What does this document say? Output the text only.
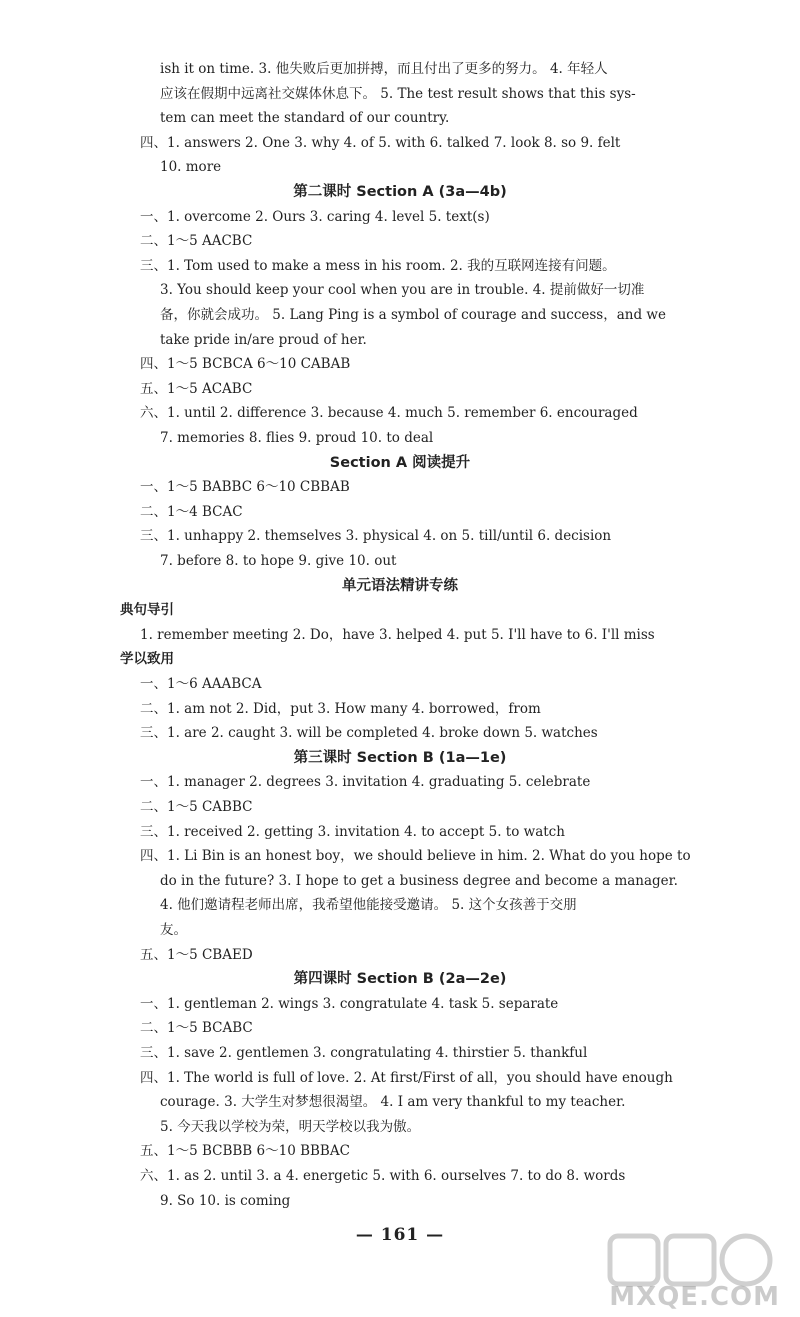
ish it on time. 3. 他失败后更加拼搏，而且付出了更多的努力。 4. 年轻人
应该在假期中远离社交媒体休息下。 5. The test result shows that this sys-
tem can meet the standard of our country.
四、1. answers 2. One 3. why 4. of 5. with 6. talked 7. look 8. so 9. felt
10. more
第二课时 Section A (3a—4b)
一、1. overcome 2. Ours 3. caring 4. level 5. text(s)
二、1～5 AACBC
三、1. Tom used to make a mess in his room. 2. 我的互联网连接有问题。
3. You should keep your cool when you are in trouble. 4. 提前做好一切准
备，你就会成功。 5. Lang Ping is a symbol of courage and success，and we
take pride in/are proud of her.
四、1～5 BCBCA 6～10 CABAB
五、1～5 ACABC
六、1. until 2. difference 3. because 4. much 5. remember 6. encouraged
7. memories 8. flies 9. proud 10. to deal
Section A 阅读提升
一、1～5 BABBC 6～10 CBBAB
二、1～4 BCAC
三、1. unhappy 2. themselves 3. physical 4. on 5. till/until 6. decision
7. before 8. to hope 9. give 10. out
单元语法精讲专练
典句导引
1. remember meeting 2. Do，have 3. helped 4. put 5. I'll have to 6. I'll miss
学以致用
一、1～6 AAABCA
二、1. am not 2. Did，put 3. How many 4. borrowed，from
三、1. are 2. caught 3. will be completed 4. broke down 5. watches
第三课时 Section B (1a—1e)
一、1. manager 2. degrees 3. invitation 4. graduating 5. celebrate
二、1～5 CABBC
三、1. received 2. getting 3. invitation 4. to accept 5. to watch
四、1. Li Bin is an honest boy，we should believe in him. 2. What do you hope to
do in the future? 3. I hope to get a business degree and become a manager.
4. 他们邀请程老师出席，我希望他能接受邀请。 5. 这个女孩善于交朋
友。
五、1～5 CBAED
第四课时 Section B (2a—2e)
一、1. gentleman 2. wings 3. congratulate 4. task 5. separate
二、1～5 BCABC
三、1. save 2. gentlemen 3. congratulating 4. thirstier 5. thankful
四、1. The world is full of love. 2. At first/First of all，you should have enough
courage. 3. 大学生对梦想很渴望。 4. I am very thankful to my teacher.
5. 今天我以学校为荣，明天学校以我为傲。
五、1～5 BCBBB 6～10 BBBAC
六、1. as 2. until 3. a 4. energetic 5. with 6. ourselves 7. to do 8. words
9. So 10. is coming
— 161 —
MXQE.COM
